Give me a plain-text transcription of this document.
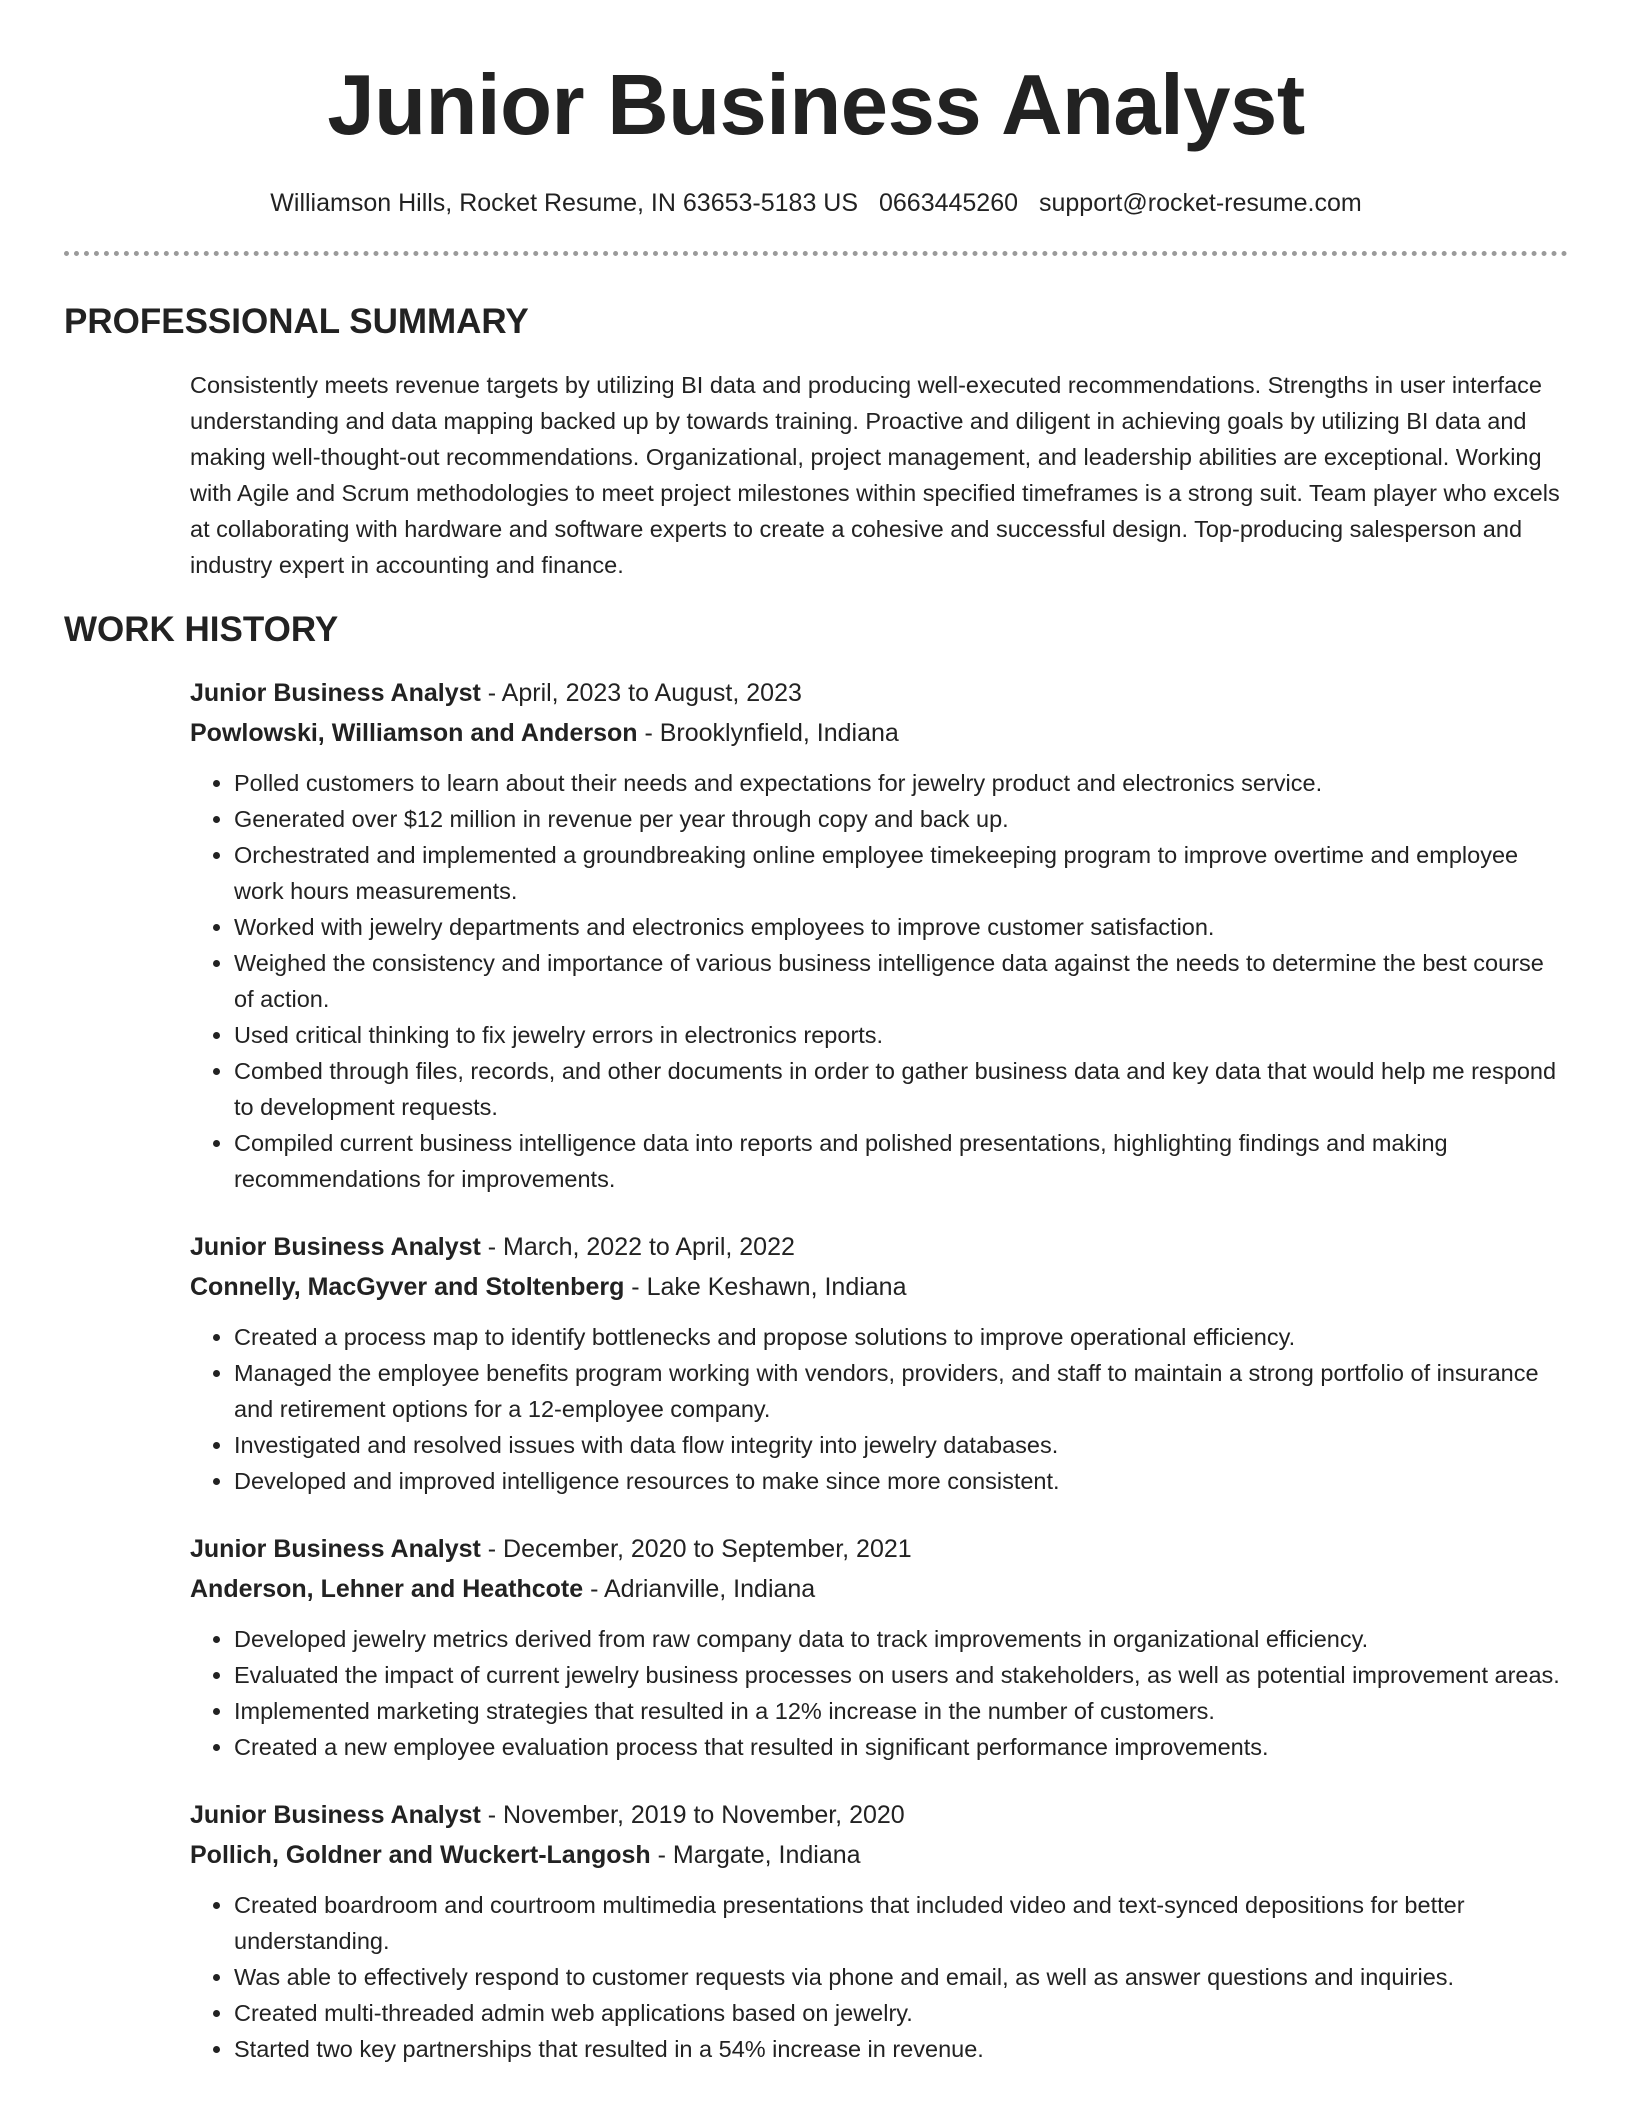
Junior Business Analyst
Williamson Hills, Rocket Resume, IN 63653-5183 US 0663445260 support@rocket-resume.com
PROFESSIONAL SUMMARY

Consistently meets revenue targets by utilizing BI data and producing well-executed recommendations. Strengths in user interface understanding and data mapping backed up by towards training. Proactive and diligent in achieving goals by utilizing BI data and making well-thought-out recommendations. Organizational, project management, and leadership abilities are exceptional. Working with Agile and Scrum methodologies to meet project milestones within specified timeframes is a strong suit. Team player who excels at collaborating with hardware and software experts to create a cohesive and successful design. Top-producing salesperson and industry expert in accounting and finance.

WORK HISTORY
Junior Business Analyst - April, 2023 to August, 2023
Powlowski, Williamson and Anderson - Brooklynfield, Indiana
• Polled customers to learn about their needs and expectations for jewelry product and electronics service.
• Generated over $12 million in revenue per year through copy and back up.
• Orchestrated and implemented a groundbreaking online employee timekeeping program to improve overtime and employee work hours measurements.
• Worked with jewelry departments and electronics employees to improve customer satisfaction.
• Weighed the consistency and importance of various business intelligence data against the needs to determine the best course of action.
• Used critical thinking to fix jewelry errors in electronics reports.
• Combed through files, records, and other documents in order to gather business data and key data that would help me respond to development requests.
• Compiled current business intelligence data into reports and polished presentations, highlighting findings and making recommendations for improvements.
Junior Business Analyst - March, 2022 to April, 2022
Connelly, MacGyver and Stoltenberg - Lake Keshawn, Indiana
• Created a process map to identify bottlenecks and propose solutions to improve operational efficiency.
• Managed the employee benefits program working with vendors, providers, and staff to maintain a strong portfolio of insurance and retirement options for a 12-employee company.
• Investigated and resolved issues with data flow integrity into jewelry databases.
• Developed and improved intelligence resources to make since more consistent.
Junior Business Analyst - December, 2020 to September, 2021
Anderson, Lehner and Heathcote - Adrianville, Indiana
• Developed jewelry metrics derived from raw company data to track improvements in organizational efficiency.
• Evaluated the impact of current jewelry business processes on users and stakeholders, as well as potential improvement areas.
• Implemented marketing strategies that resulted in a 12% increase in the number of customers.
• Created a new employee evaluation process that resulted in significant performance improvements.
Junior Business Analyst - November, 2019 to November, 2020
Pollich, Goldner and Wuckert-Langosh - Margate, Indiana
• Created boardroom and courtroom multimedia presentations that included video and text-synced depositions for better understanding.
• Was able to effectively respond to customer requests via phone and email, as well as answer questions and inquiries.
• Created multi-threaded admin web applications based on jewelry.
• Started two key partnerships that resulted in a 54% increase in revenue.
